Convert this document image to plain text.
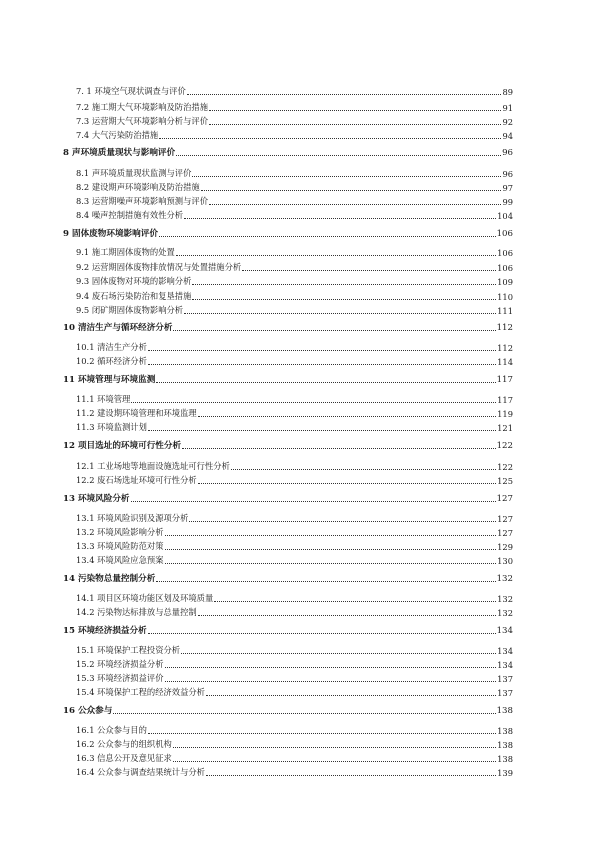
7. 1 环境空气现状调查与评价	89
7.2 施工期大气环境影响及防治措施	91
7.3 运营期大气环境影响分析与评价	92
7.4 大气污染防治措施	94
8 声环境质量现状与影响评价	96
8.1 声环境质量现状监测与评价	96
8.2 建设期声环境影响及防治措施	97
8.3 运营期噪声环境影响预测与评价	99
8.4 噪声控制措施有效性分析	104
9 固体废物环境影响评价	106
9.1 施工期固体废物的处置	106
9.2 运营期固体废物排放情况与处置措施分析	106
9.3 固体废物对环境的影响分析	109
9.4 废石场污染防治和复垦措施	110
9.5 闭矿期固体废物影响分析	111
10 清洁生产与循环经济分析	112
10.1 清洁生产分析	112
10.2 循环经济分析	114
11 环境管理与环境监测	117
11.1 环境管理	117
11.2 建设期环境管理和环境监理	119
11.3 环境监测计划	121
12 项目选址的环境可行性分析	122
12.1 工业场地等地面设施选址可行性分析	122
12.2 废石场选址环境可行性分析	125
13 环境风险分析	127
13.1 环境风险识别及源项分析	127
13.2 环境风险影响分析	127
13.3 环境风险防范对策	129
13.4 环境风险应急预案	130
14 污染物总量控制分析	132
14.1 项目区环境功能区划及环境质量	132
14.2 污染物达标排放与总量控制	132
15 环境经济损益分析	134
15.1 环境保护工程投资分析	134
15.2 环境经济损益分析	134
15.3 环境经济损益评价	137
15.4 环境保护工程的经济效益分析	137
16 公众参与	138
16.1 公众参与目的	138
16.2 公众参与的组织机构	138
16.3 信息公开及意见征求	138
16.4 公众参与调查结果统计与分析	139
